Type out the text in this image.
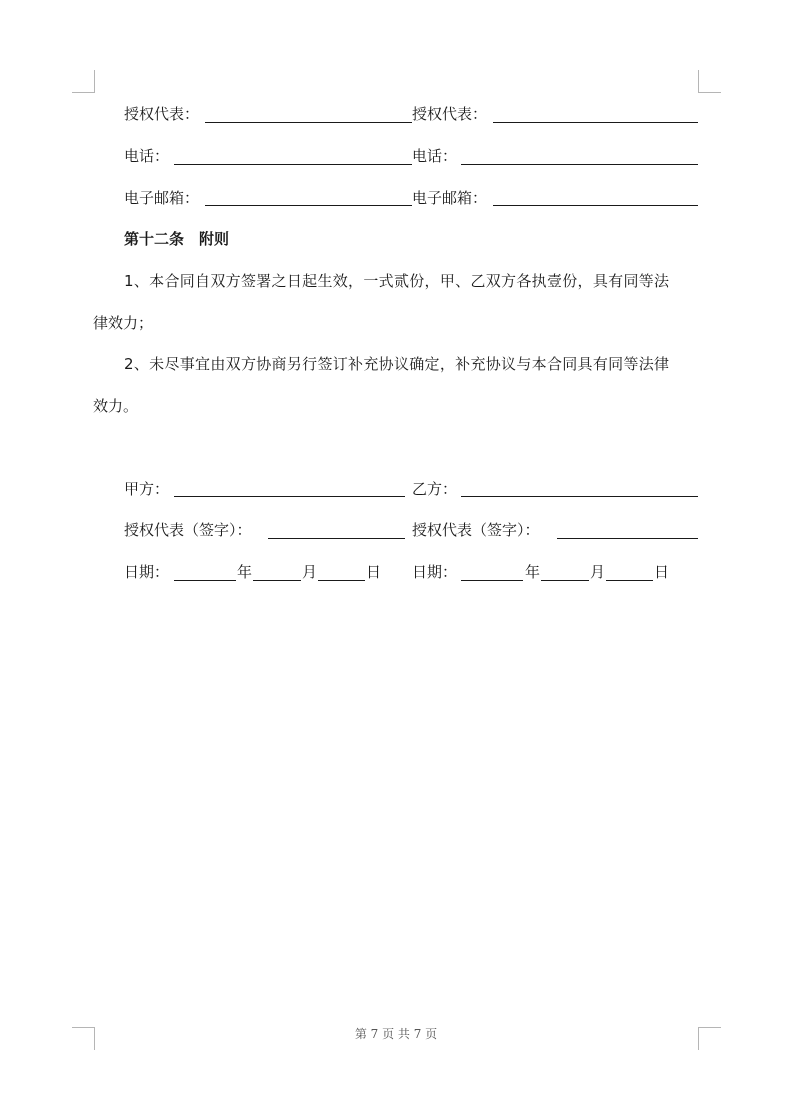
授权代表：	授权代表：
电话：	电话：
电子邮箱：	电子邮箱：
第十二条　附则
1、本合同自双方签署之日起生效，一式贰份，甲、乙双方各执壹份，具有同等法
律效力；
2、未尽事宜由双方协商另行签订补充协议确定，补充协议与本合同具有同等法律
效力。
甲方：	乙方：
授权代表（签字）：	授权代表（签字）：
日期：	年	月	日 日期：	年	月	日
第 7 页 共 7 页
